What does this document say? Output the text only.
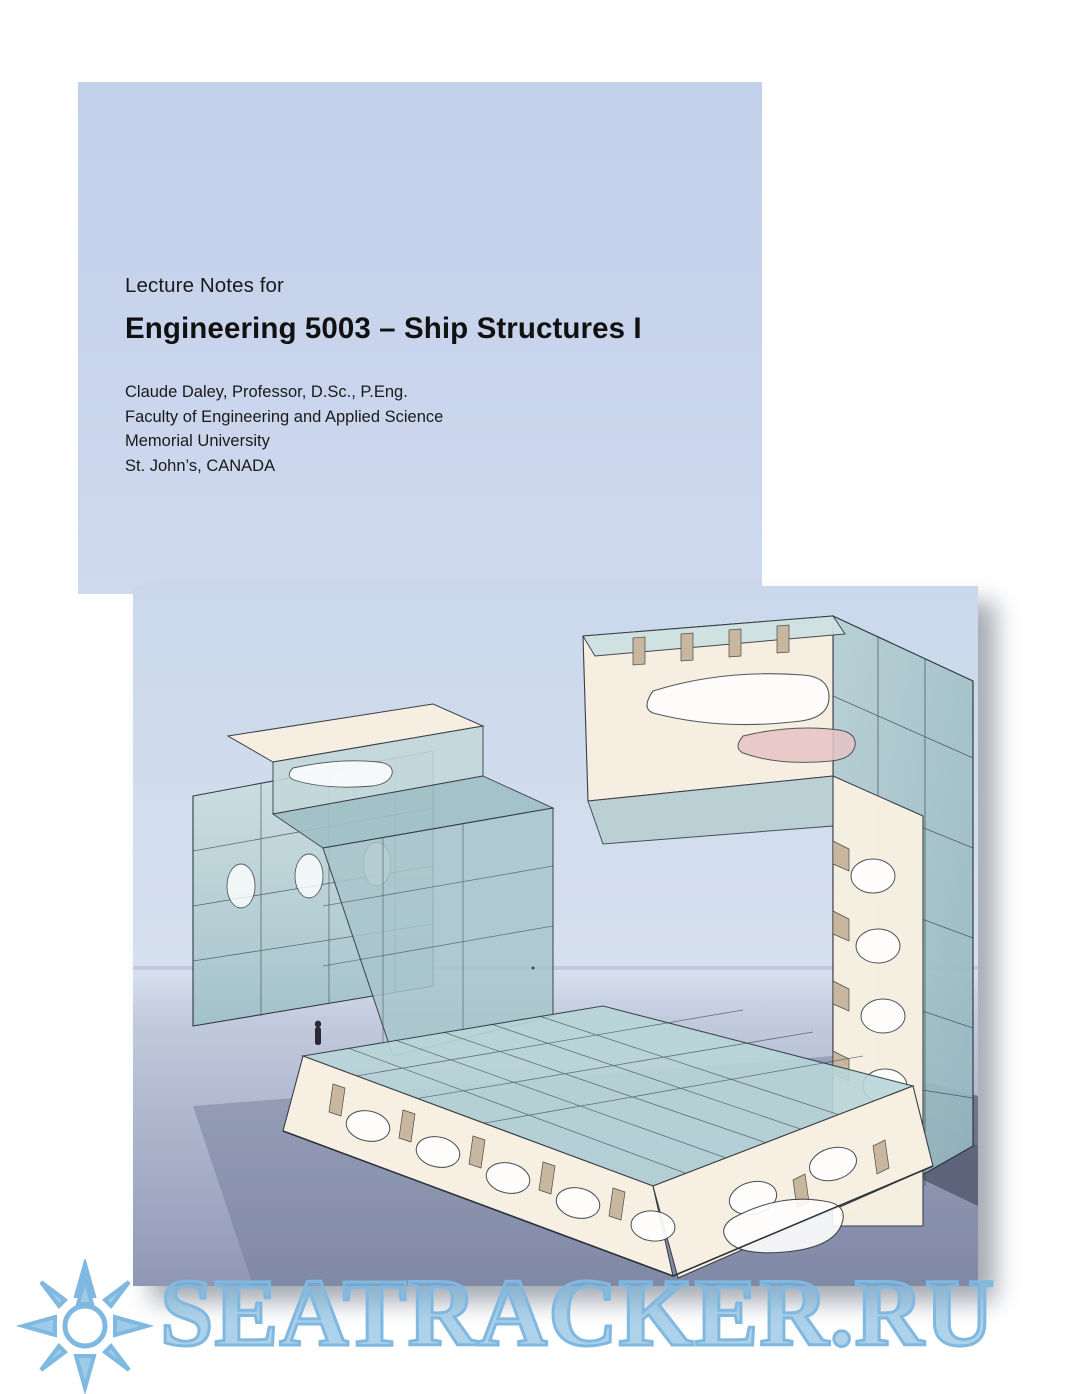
Lecture Notes for

Engineering 5003 – Ship Structures I
Claude Daley, Professor, D.Sc., P.Eng.
Faculty of Engineering and Applied Science
Memorial University
St. John’s, CANADA
SEATRACKER.RU
